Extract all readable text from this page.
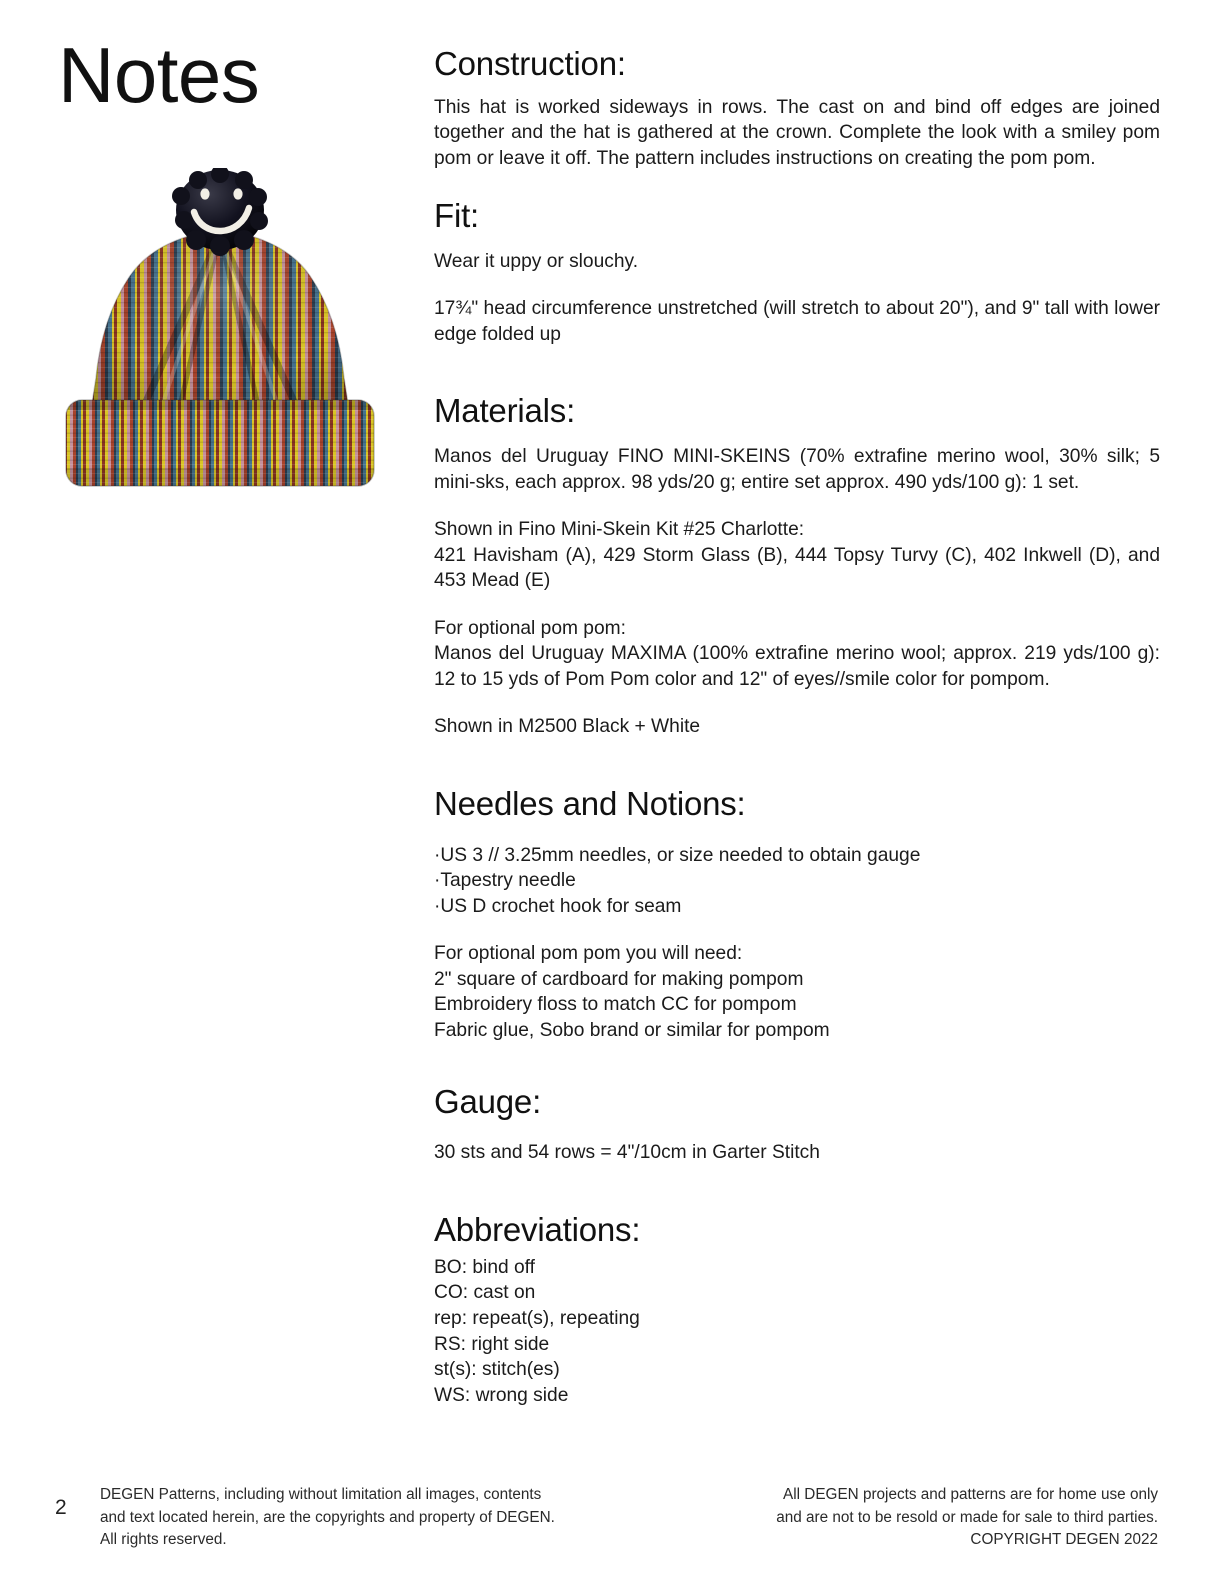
Notes	Construction:

This hat is worked sideways in rows. The cast on and bind off edges are joined together and the hat is gathered at the crown. Complete the look with a smiley pom pom or leave it off. The pattern includes instructions on creating the pom pom.

Fit:

Wear it uppy or slouchy.

17¾" head circumference unstretched (will stretch to about 20"), and 9" tall with lower edge folded up

Materials:

Manos del Uruguay FINO MINI-SKEINS (70% extrafine merino wool, 30% silk; 5 mini-sks, each approx. 98 yds/20 g; entire set approx. 490 yds/100 g): 1 set.

Shown in Fino Mini-Skein Kit #25 Charlotte:

421 Havisham (A), 429 Storm Glass (B), 444 Topsy Turvy (C), 402 Inkwell (D), and 453 Mead (E)

For optional pom pom:

Manos del Uruguay MAXIMA (100% extrafine merino wool; approx. 219 yds/100 g): 12 to 15 yds of Pom Pom color and 12" of eyes//smile color for pompom.

Shown in M2500 Black + White

Needles and Notions:
·US 3 // 3.25mm needles, or size needed to obtain gauge
·Tapestry needle
·US D crochet hook for seam
For optional pom pom you will need:
2" square of cardboard for making pompom
Embroidery floss to match CC for pompom
Fabric glue, Sobo brand or similar for pompom
Gauge:

30 sts and 54 rows = 4"/10cm in Garter Stitch

Abbreviations:
BO: bind off
CO: cast on
rep: repeat(s), repeating
RS: right side
st(s): stitch(es)
WS: wrong side
2
DEGEN Patterns, including without limitation all images, contents and text located herein, are the copyrights and property of DEGEN. All rights reserved.
All DEGEN projects and patterns are for home use only
and are not to be resold or made for sale to third parties.
COPYRIGHT DEGEN 2022
